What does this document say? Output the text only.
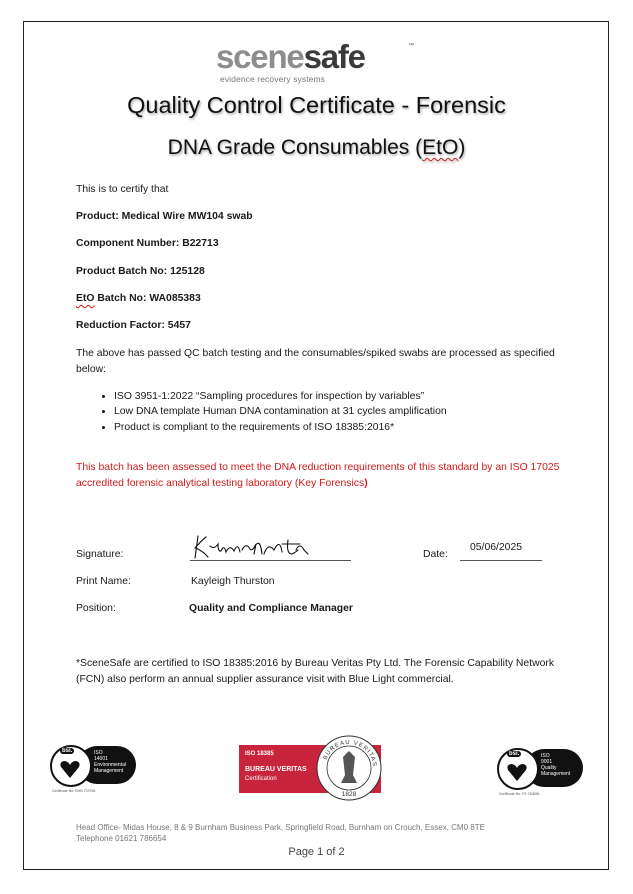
scenesafe	™
evidence recovery systems
Quality Control Certificate - Forensic
DNA Grade Consumables (EtO)
This is to certify that
Product: Medical Wire MW104 swab
Component Number: B22713
Product Batch No: 125128
EtO Batch No: WA085383
Reduction Factor: 5457
The above has passed QC batch testing and the consumables/spiked swabs are processed as specified below:
• ISO 3951-1:2022 “Sampling procedures for inspection by variables”
• Low DNA template Human DNA contamination at 31 cycles amplification
• Product is compliant to the requirements of ISO 18385:2016*
This batch has been assessed to meet the DNA reduction requirements of this standard by an ISO 17025 accredited forensic analytical testing laboratory (Key Forensics)
Signature:	Date:
05/06/2025
Print Name:	Kayleigh Thurston
Position:	Quality and Compliance Manager
*SceneSafe are certified to ISO 18385:2016 by Bureau Veritas Pty Ltd. The Forensic Capability Network (FCN) also perform an annual supplier assurance visit with Blue Light commercial.
bsi.	ISO
14001
Environmental
Management
Certificate No: EMS 737935
ISO 18385
BUREAU VERITAS
Certification
BUREAU VERITAS
1828
bsi.	ISO
9001
Quality
Management
Certificate No: FS 740696
Head Office- Midas House, 8 & 9 Burnham Business Park, Springfield Road, Burnham on Crouch, Essex, CM0 8TE
Telephone 01621 786654
Page 1 of 2
